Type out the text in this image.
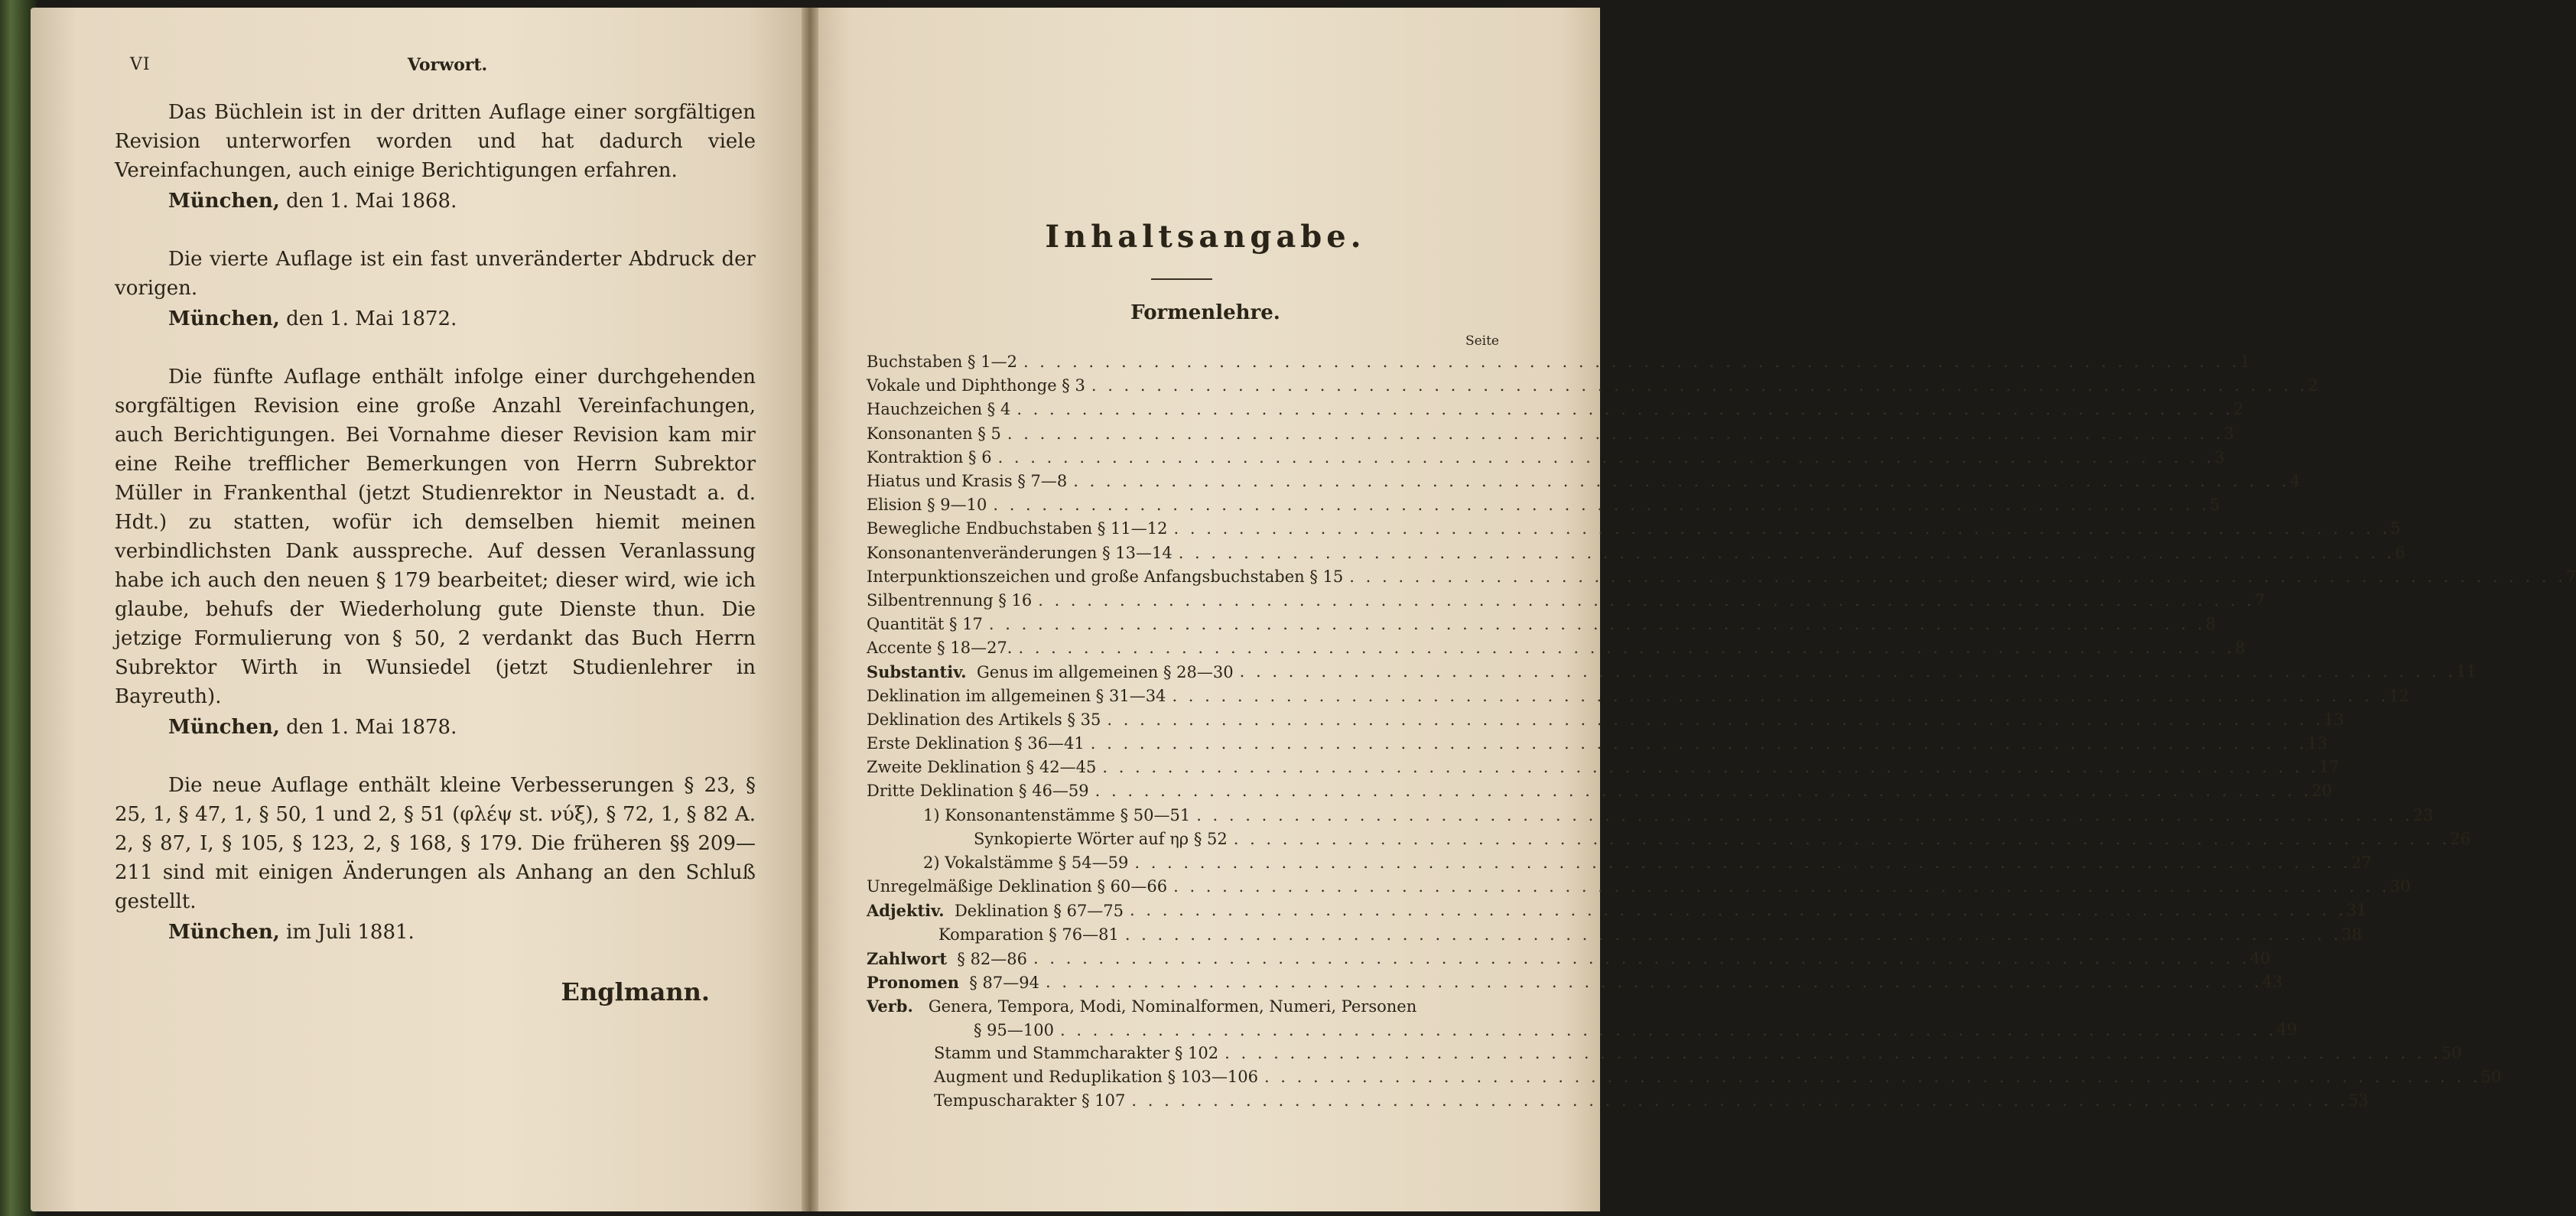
VI	Vorwort.

Das Büchlein ist in der dritten Auflage einer sorgfältigen Revision unterworfen worden und hat dadurch viele Vereinfachungen, auch einige Berichtigungen erfahren.

München, den 1. Mai 1868.

Die vierte Auflage ist ein fast unveränderter Abdruck der vorigen.

München, den 1. Mai 1872.

Die fünfte Auflage enthält infolge einer durchgehenden sorgfältigen Revision eine große Anzahl Vereinfachungen, auch Berichtigungen. Bei Vornahme dieser Revision kam mir eine Reihe trefflicher Bemerkungen von Herrn Subrektor Müller in Frankenthal (jetzt Studienrektor in Neustadt a. d. Hdt.) zu statten, wofür ich demselben hiemit meinen verbindlichsten Dank ausspreche. Auf dessen Veranlassung habe ich auch den neuen § 179 bearbeitet; dieser wird, wie ich glaube, behufs der Wiederholung gute Dienste thun. Die jetzige Formulierung von § 50, 2 verdankt das Buch Herrn Subrektor Wirth in Wunsiedel (jetzt Studienlehrer in Bayreuth).

München, den 1. Mai 1878.

Die neue Auflage enthält kleine Verbesserungen § 23, § 25, 1, § 47, 1, § 50, 1 und 2, § 51 (φλέψ st. νύξ), § 72, 1, § 82 A. 2, § 87, I, § 105, § 123, 2, § 168, § 179. Die früheren §§ 209—211 sind mit einigen Änderungen als Anhang an den Schluß gestellt.

München, im Juli 1881.
Englmann.
Inhaltsangabe.
Formenlehre.
Seite
Buchstaben § 1—2 . . .	1
Vokale und Diphthonge § 3 . . .	2
Hauchzeichen § 4 . . .	2
Konsonanten § 5 . . .	3
Kontraktion § 6 . . .	3
Hiatus und Krasis § 7—8 . . .	4
Elision § 9—10 . . .	5
Bewegliche Endbuchstaben § 11—12 . . .	5
Konsonantenveränderungen § 13—14 . . .	6
Interpunktionszeichen und große Anfangsbuchstaben § 15 . . .	7
Silbentrennung § 16 . . .	7
Quantität § 17 . . .	8
Accente § 18—27. . . .	8
Substantiv. Genus im allgemeinen § 28—30 . . .	11
Deklination im allgemeinen § 31—34 . . .	12
Deklination des Artikels § 35 . . .	13
Erste Deklination § 36—41 . . .	13
Zweite Deklination § 42—45 . . .	17
Dritte Deklination § 46—59 . . .	20
1) Konsonantenstämme § 50—51 . . .	23
Synkopierte Wörter auf ηρ § 52 . . .	26
2) Vokalstämme § 54—59 . . .	27
Unregelmäßige Deklination § 60—66 . . .	30
Adjektiv. Deklination § 67—75 . . .	31
Komparation § 76—81 . . .	38
Zahlwort § 82—86 . . .	40
Pronomen § 87—94 . . .	43
Verb. Genera, Tempora, Modi, Nominalformen, Numeri, Personen
§ 95—100 . . .	49
Stamm und Stammcharakter § 102 . . .	50
Augment und Reduplikation § 103—106 . . .	50
Tempuscharakter § 107 . . .	53
